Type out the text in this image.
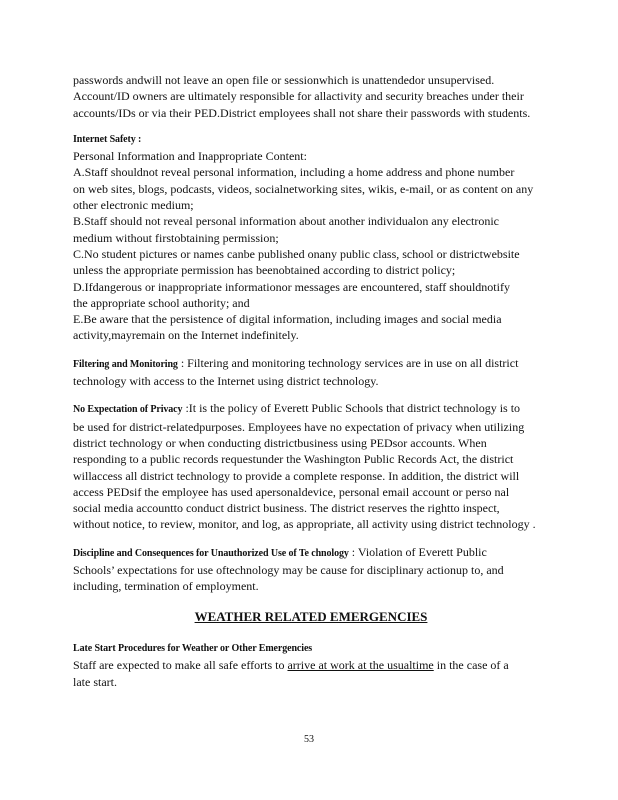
passwords andwill not leave an open file or sessionwhich is unattendedor unsupervised.

Account/ID owners are ultimately responsible for allactivity and security breaches under their

accounts/IDs or via their PED.District employees shall not share their passwords with students.

Internet Safety :

Personal Information and Inappropriate Content:

A.Staff shouldnot reveal personal information, including a home address and phone number

on web sites, blogs, podcasts, videos, socialnetworking sites, wikis, e-mail, or as content on any

other electronic medium;

B.Staff should not reveal personal information about another individualon any electronic

medium without firstobtaining permission;

C.No student pictures or names canbe published onany public class, school or districtwebsite

unless the appropriate permission has beenobtained according to district policy;

D.Ifdangerous or inappropriate informationor messages are encountered, staff shouldnotify

the appropriate school authority; and

E.Be aware that the persistence of digital information, including images and social media

activity,mayremain on the Internet indefinitely.

Filtering and Monitoring : Filtering and monitoring technology services are in use on all district

technology with access to the Internet using district technology.

No Expectation of Privacy :It is the policy of Everett Public Schools that district technology is to

be used for district-relatedpurposes. Employees have no expectation of privacy when utilizing

district technology or when conducting districtbusiness using PEDsor accounts. When

responding to a public records requestunder the Washington Public Records Act, the district

willaccess all district technology to provide a complete response. In addition, the district will

access PEDsif the employee has used apersonaldevice, personal email account or perso nal

social media accountto conduct district business. The district reserves the rightto inspect,

without notice, to review, monitor, and log, as appropriate, all activity using district technology .

Discipline and Consequences for Unauthorized Use of Te chnology : Violation of Everett Public

Schools’ expectations for use oftechnology may be cause for disciplinary actionup to, and

including, termination of employment.

WEATHER RELATED EMERGENCIES

Late Start Procedures for Weather or Other Emergencies

Staff are expected to make all safe efforts to arrive at work at the usualtime in the case of a

late start.

53
